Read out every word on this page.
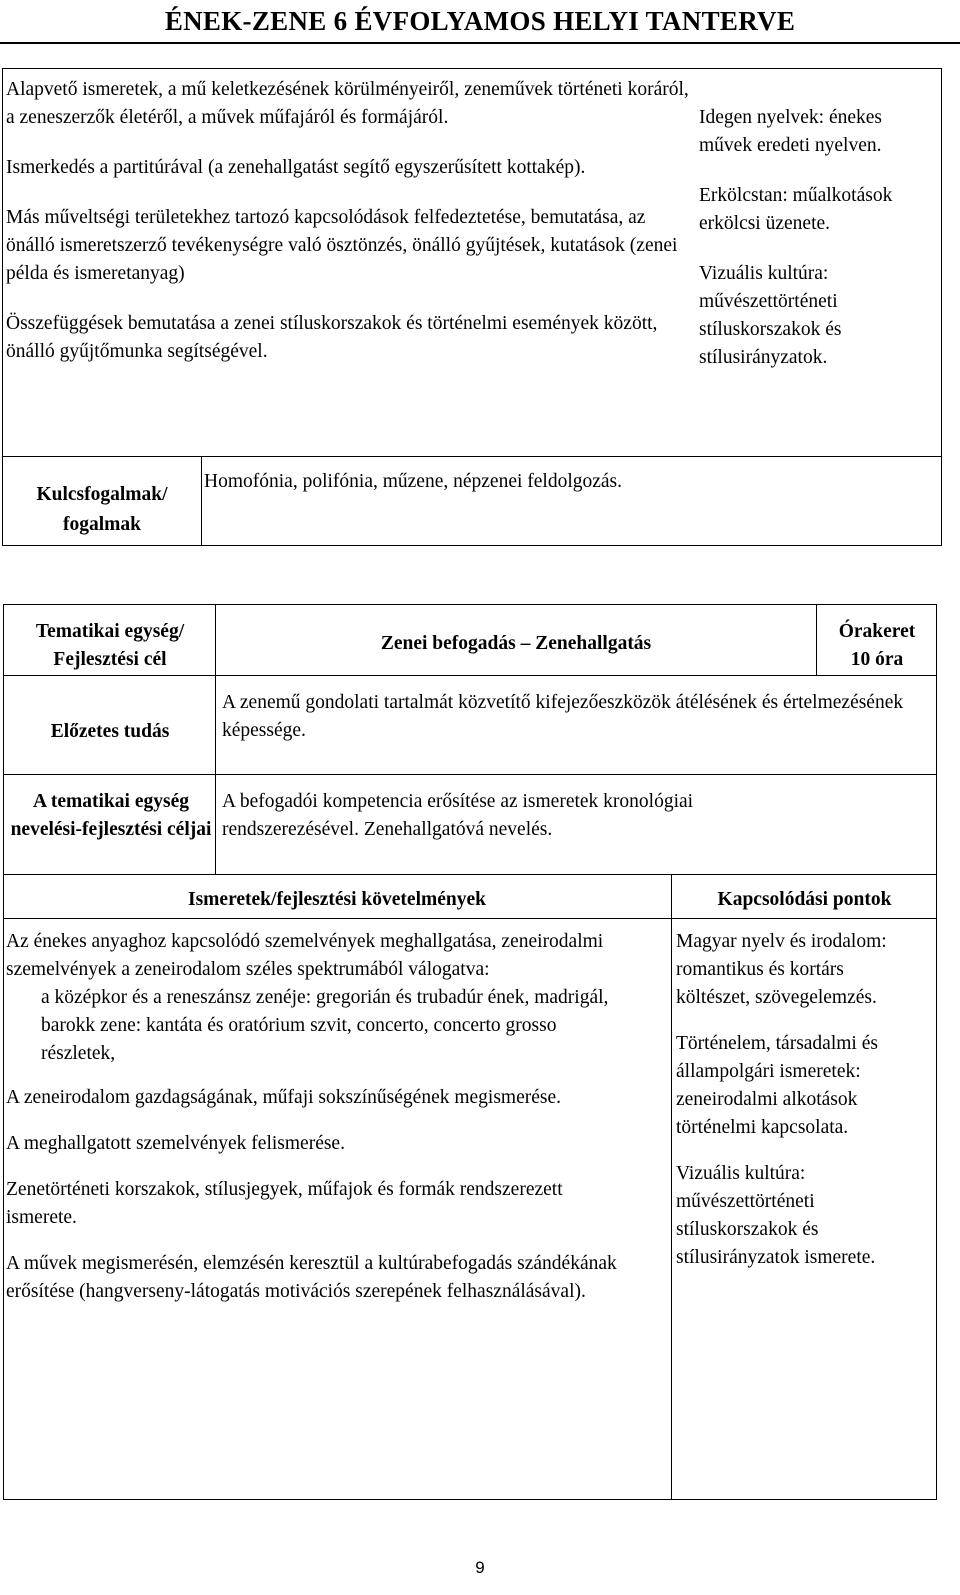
ÉNEK-ZENE 6 ÉVFOLYAMOS HELYI TANTERVE

Alapvető ismeretek, a mű keletkezésének körülményeiről, zeneművek történeti koráról, a zeneszerzők életéről, a művek műfajáról és formájáról.

Ismerkedés a partitúrával (a zenehallgatást segítő egyszerűsített kottakép).

Más műveltségi területekhez tartozó kapcsolódások felfedeztetése, bemutatása, az önálló ismeretszerző tevékenységre való ösztönzés, önálló gyűjtések, kutatások (zenei példa és ismeretanyag)

Összefüggések bemutatása a zenei stíluskorszakok és történelmi események között, önálló gyűjtőmunka segítségével.

Idegen nyelvek: énekes művek eredeti nyelven.

Erkölcstan: műalkotások erkölcsi üzenete.

Vizuális kultúra: művészettörténeti stíluskorszakok és stílusirányzatok.

Kulcsfogalmak/ fogalmak
Homofónia, polifónia, műzene, népzenei feldolgozás.
Tematikai egység/ Fejlesztési cél
Zenei befogadás – Zenehallgatás
Órakeret
10 óra
Előzetes tudás
A zenemű gondolati tartalmát közvetítő kifejezőeszközök átélésének és értelmezésének képessége.
A tematikai egység nevelési-fejlesztési céljai
A befogadói kompetencia erősítése az ismeretek kronológiai rendszerezésével. Zenehallgatóvá nevelés.
Ismeretek/fejlesztési követelmények	Kapcsolódási pontok

Az énekes anyaghoz kapcsolódó szemelvények meghallgatása, zeneirodalmi szemelvények a zeneirodalom széles spektrumából válogatva:

a középkor és a reneszánsz zenéje: gregorián és trubadúr ének, madrigál,

barokk zene: kantáta és oratórium szvit, concerto, concerto grosso részletek,

A zeneirodalom gazdagságának, műfaji sokszínűségének megismerése.

A meghallgatott szemelvények felismerése.

Zenetörténeti korszakok, stílusjegyek, műfajok és formák rendszerezett ismerete.

A művek megismerésén, elemzésén keresztül a kultúrabefogadás szándékának erősítése (hangverseny-látogatás motivációs szerepének felhasználásával).

Magyar nyelv és irodalom: romantikus és kortárs költészet, szövegelemzés.

Történelem, társadalmi és állampolgári ismeretek: zeneirodalmi alkotások történelmi kapcsolata.

Vizuális kultúra: művészettörténeti stíluskorszakok és stílusirányzatok ismerete.

9
